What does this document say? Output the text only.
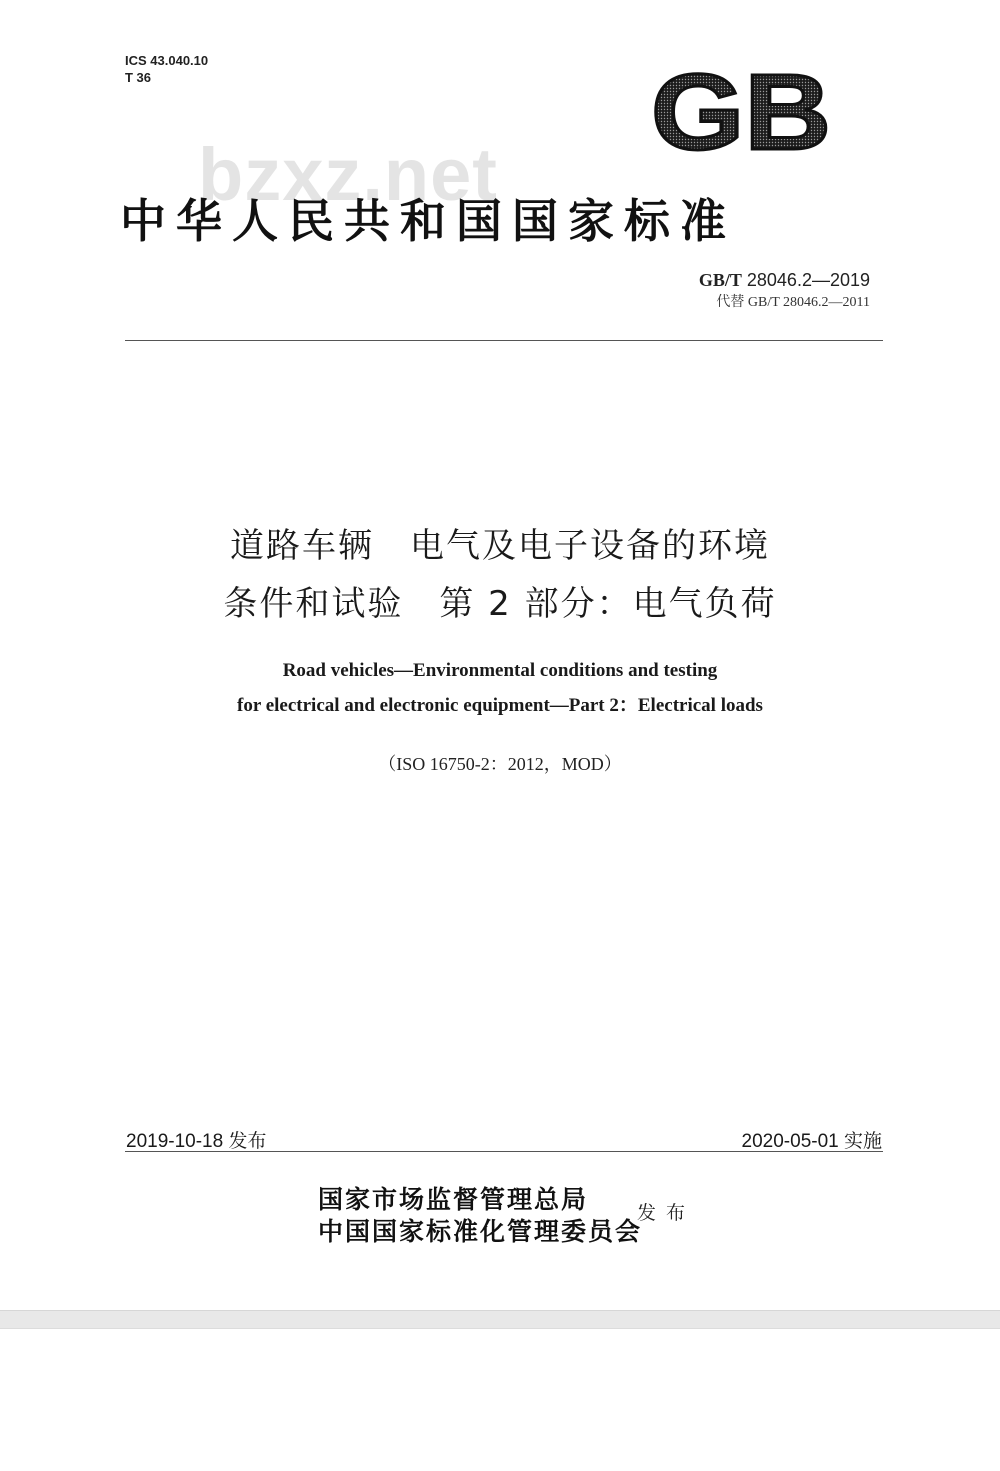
ICS 43.040.10
T 36	GB
bzxz.net
中华人民共和国国家标准
GB/T 28046.2—2019
代替 GB/T 28046.2—2011
道路车辆　电气及电子设备的环境
条件和试验　第 2 部分：电气负荷
Road vehicles—Environmental conditions and testing
for electrical and electronic equipment—Part 2：Electrical loads
（ISO 16750-2：2012，MOD）
2019-10-18 发布	2020-05-01 实施
国家市场监督管理总局
中国国家标准化管理委员会
发布
